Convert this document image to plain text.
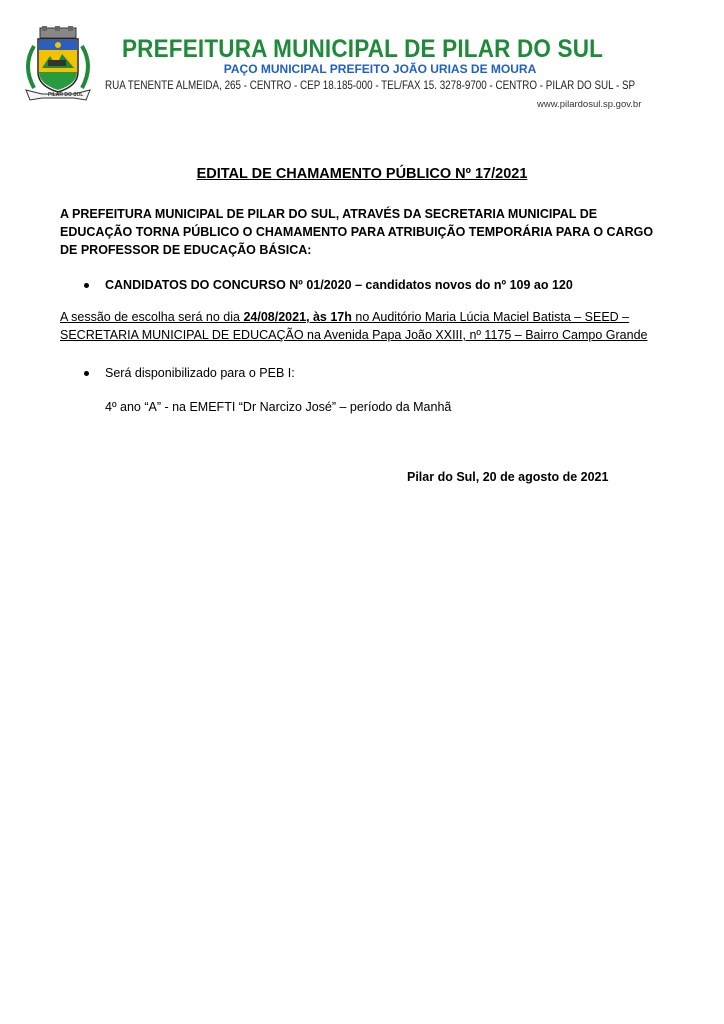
PILAR DO SUL
PREFEITURA MUNICIPAL DE PILAR DO SUL
PAÇO MUNICIPAL PREFEITO JOÃO URIAS DE MOURA
RUA TENENTE ALMEIDA, 265 - CENTRO - CEP 18.185-000 - TEL/FAX 15. 3278-9700 - CENTRO - PILAR DO SUL - SP
www.pilardosul.sp.gov.br
EDITAL DE CHAMAMENTO PÚBLICO Nº 17/2021
A PREFEITURA MUNICIPAL DE PILAR DO SUL, ATRAVÉS DA SECRETARIA MUNICIPAL DE EDUCAÇÃO TORNA PÚBLICO O CHAMAMENTO PARA ATRIBUIÇÃO TEMPORÁRIA PARA O CARGO DE PROFESSOR DE EDUCAÇÃO BÁSICA:
CANDIDATOS DO CONCURSO Nº 01/2020 – candidatos novos do nº 109 ao 120
A sessão de escolha será no dia 24/08/2021, às 17h no Auditório Maria Lúcia Maciel Batista – SEED – SECRETARIA MUNICIPAL DE EDUCAÇÃO na Avenida Papa João XXIII, nº 1175 – Bairro Campo Grande
Será disponibilizado para o PEB I:
4º ano “A” - na EMEFTI “Dr Narcizo José” – período da Manhã
Pilar do Sul, 20 de agosto de 2021
